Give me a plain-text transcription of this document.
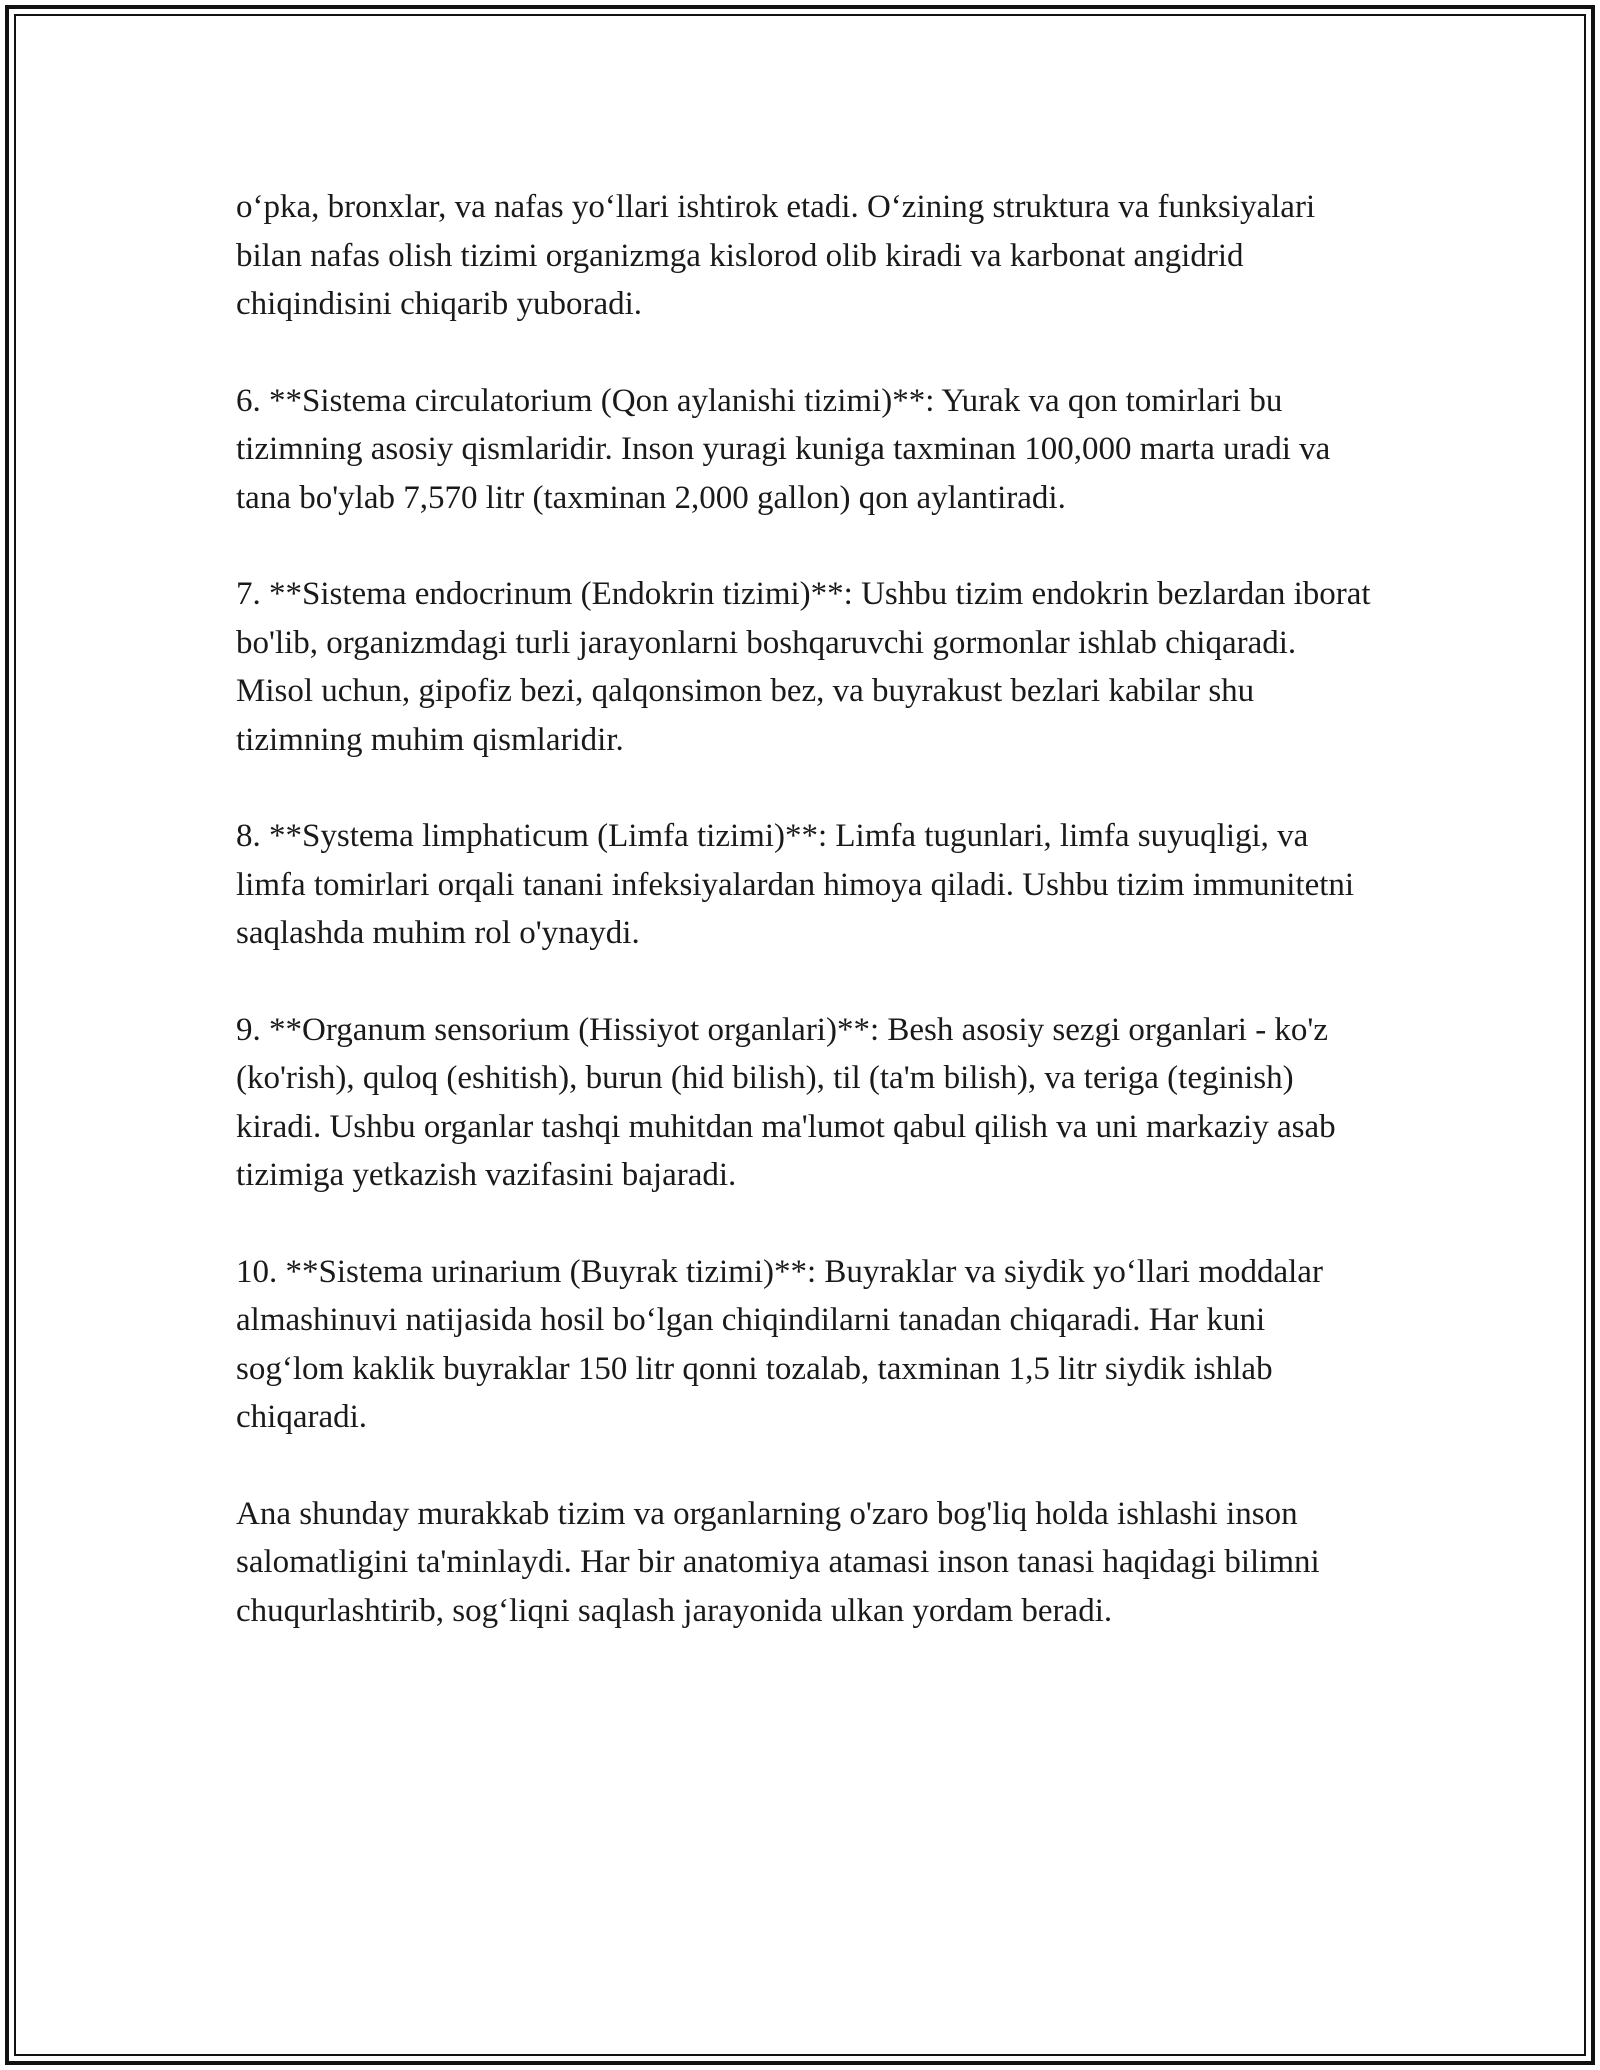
o‘pka, bronxlar, va nafas yo‘llari ishtirok etadi. O‘zining struktura va funksiyalari bilan nafas olish tizimi organizmga kislorod olib kiradi va karbonat angidrid chiqindisini chiqarib yuboradi.

6. **Sistema circulatorium (Qon aylanishi tizimi)**: Yurak va qon tomirlari bu tizimning asosiy qismlaridir. Inson yuragi kuniga taxminan 100,000 marta uradi va tana bo'ylab 7,570 litr (taxminan 2,000 gallon) qon aylantiradi.

7. **Sistema endocrinum (Endokrin tizimi)**: Ushbu tizim endokrin bezlardan iborat bo'lib, organizmdagi turli jarayonlarni boshqaruvchi gormonlar ishlab chiqaradi. Misol uchun, gipofiz bezi, qalqonsimon bez, va buyrakust bezlari kabilar shu tizimning muhim qismlaridir.

8. **Systema limphaticum (Limfa tizimi)**: Limfa tugunlari, limfa suyuqligi, va limfa tomirlari orqali tanani infeksiyalardan himoya qiladi. Ushbu tizim immunitetni saqlashda muhim rol o'ynaydi.

9. **Organum sensorium (Hissiyot organlari)**: Besh asosiy sezgi organlari - ko'z (ko'rish), quloq (eshitish), burun (hid bilish), til (ta'm bilish), va teriga (teginish) kiradi. Ushbu organlar tashqi muhitdan ma'lumot qabul qilish va uni markaziy asab tizimiga yetkazish vazifasini bajaradi.

10. **Sistema urinarium (Buyrak tizimi)**: Buyraklar va siydik yo‘llari moddalar almashinuvi natijasida hosil bo‘lgan chiqindilarni tanadan chiqaradi. Har kuni sog‘lom kaklik buyraklar 150 litr qonni tozalab, taxminan 1,5 litr siydik ishlab chiqaradi.

Ana shunday murakkab tizim va organlarning o'zaro bog'liq holda ishlashi inson salomatligini ta'minlaydi. Har bir anatomiya atamasi inson tanasi haqidagi bilimni chuqurlashtirib, sog‘liqni saqlash jarayonida ulkan yordam beradi.
